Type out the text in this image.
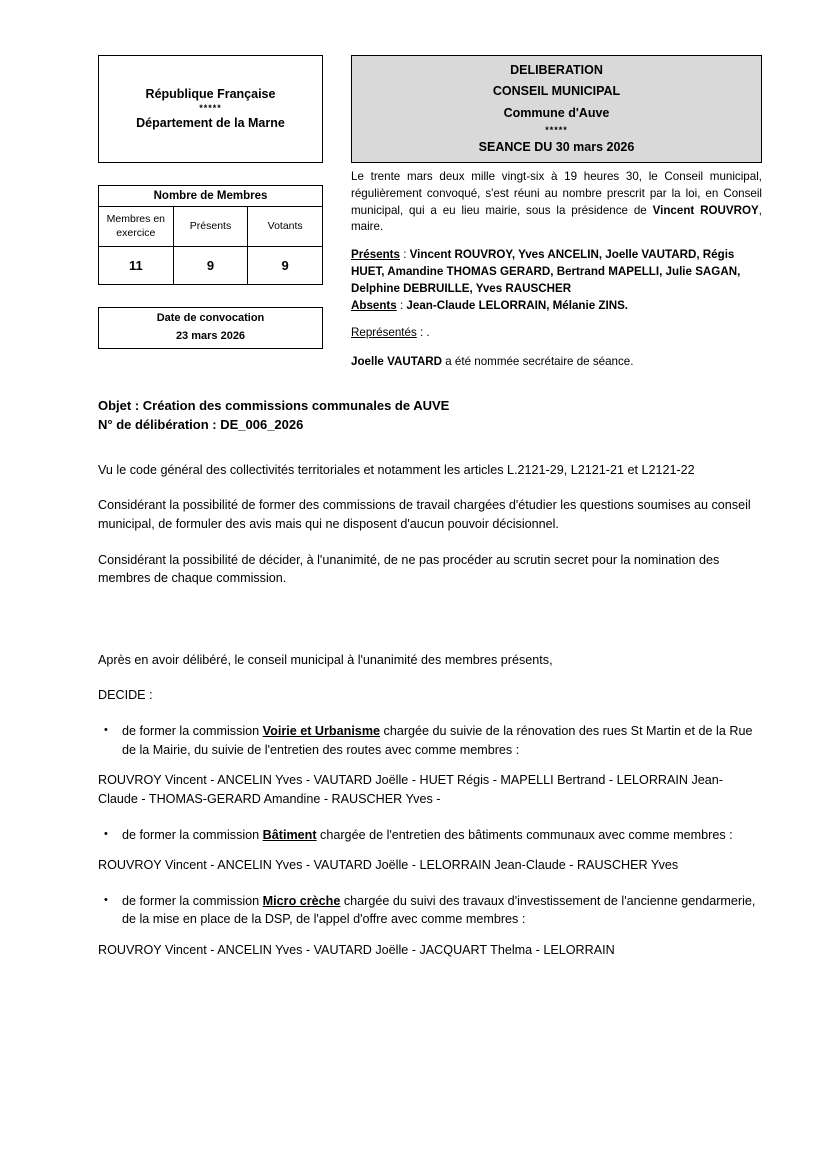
République Française
*****
Département de la Marne
DELIBERATION
CONSEIL MUNICIPAL
Commune d'Auve
*****
SEANCE DU 30 mars 2026
Nombre de Membres		
Membres en exercice	Présents	Votants
11	9	9
Date de convocation
23 mars 2026

Le trente mars deux mille vingt-six à 19 heures 30, le Conseil municipal, régulièrement convoqué, s'est réuni au nombre prescrit par la loi, en Conseil municipal, qui a eu lieu mairie, sous la présidence de Vincent ROUVROY, maire.

Présents : Vincent ROUVROY, Yves ANCELIN, Joelle VAUTARD, Régis HUET, Amandine THOMAS GERARD, Bertrand MAPELLI, Julie SAGAN, Delphine DEBRUILLE, Yves RAUSCHER
Absents : Jean-Claude LELORRAIN, Mélanie ZINS.

Représentés : .

Joelle VAUTARD a été nommée secrétaire de séance.

Objet : Création des commissions communales de AUVE
N° de délibération : DE_006_2026

Vu le code général des collectivités territoriales et notamment les articles L.2121-29, L2121-21 et L2121-22

Considérant la possibilité de former des commissions de travail chargées d'étudier les questions soumises au conseil municipal, de formuler des avis mais qui ne disposent d'aucun pouvoir décisionnel.

Considérant la possibilité de décider, à l'unanimité, de ne pas procéder au scrutin secret pour la nomination des membres de chaque commission.

Après en avoir délibéré, le conseil municipal à l'unanimité des membres présents,

DECIDE :

• de former la commission Voirie et Urbanisme chargée du suivie de la rénovation des rues St Martin et de la Rue de la Mairie, du suivie de l'entretien des routes avec comme membres :

ROUVROY Vincent - ANCELIN Yves - VAUTARD Joëlle - HUET Régis - MAPELLI Bertrand - LELORRAIN Jean-Claude - THOMAS-GERARD Amandine - RAUSCHER Yves -

• de former la commission Bâtiment chargée de l'entretien des bâtiments communaux avec comme membres :

ROUVROY Vincent - ANCELIN Yves - VAUTARD Joëlle - LELORRAIN Jean-Claude - RAUSCHER Yves

• de former la commission Micro crèche chargée du suivi des travaux d'investissement de l'ancienne gendarmerie, de la mise en place de la DSP, de l'appel d'offre avec comme membres :

ROUVROY Vincent - ANCELIN Yves - VAUTARD Joëlle - JACQUART Thelma - LELORRAIN
